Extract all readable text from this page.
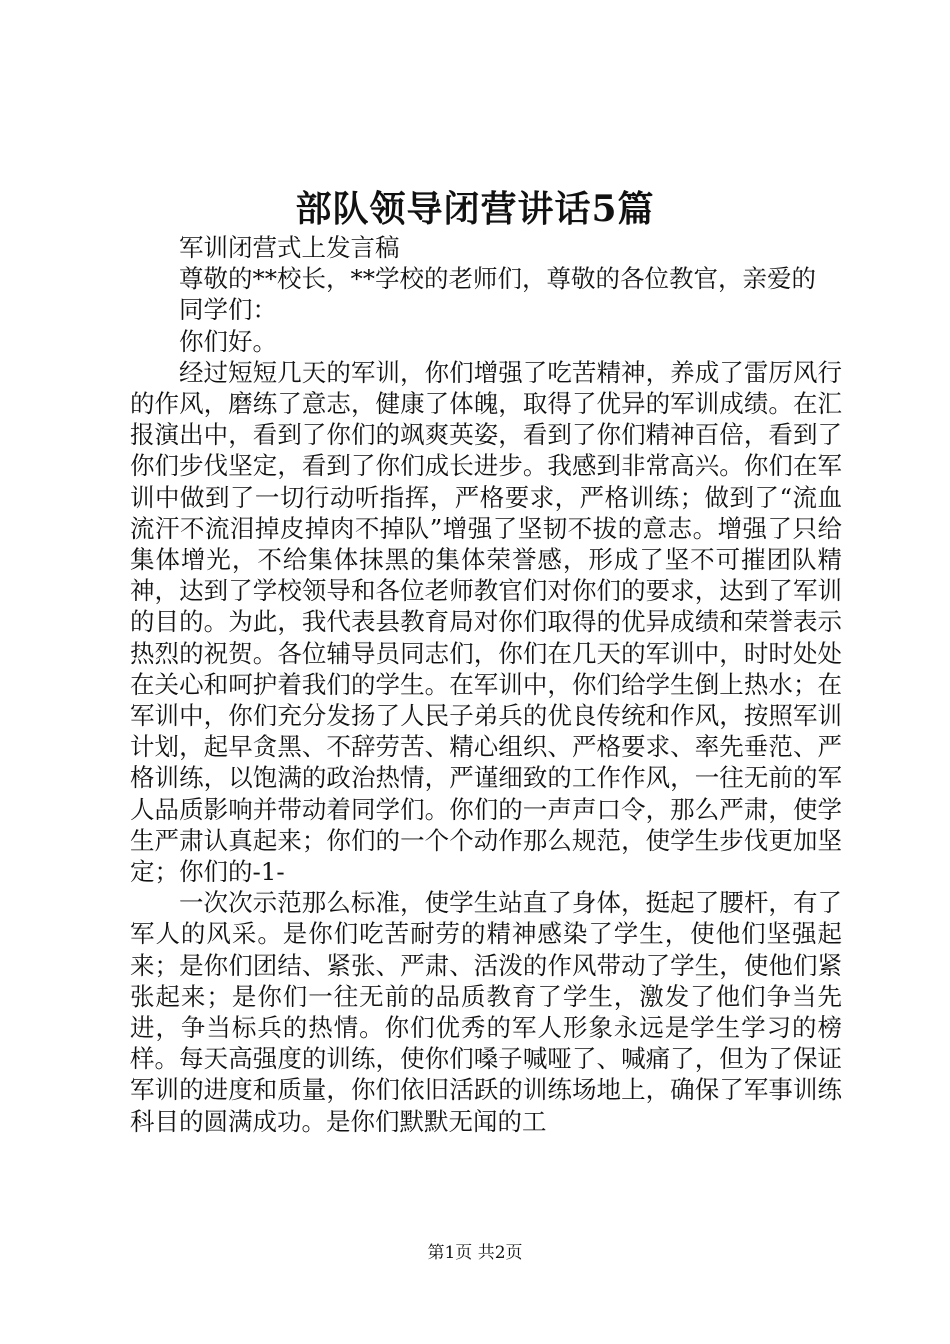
部队领导闭营讲话5篇

军训闭营式上发言稿

尊敬的**校长，**学校的老师们，尊敬的各位教官，亲爱的

同学们：

你们好。

经过短短几天的军训，你们增强了吃苦精神，养成了雷厉风行的作风，磨练了意志，健康了体魄，取得了优异的军训成绩。在汇报演出中，看到了你们的飒爽英姿，看到了你们精神百倍，看到了你们步伐坚定，看到了你们成长进步。我感到非常高兴。你们在军训中做到了一切行动听指挥，严格要求，严格训练；做到了“流血流汗不流泪掉皮掉肉不掉队”增强了坚韧不拔的意志。增强了只给集体增光，不给集体抹黑的集体荣誉感，形成了坚不可摧团队精神，达到了学校领导和各位老师教官们对你们的要求，达到了军训的目的。为此，我代表县教育局对你们取得的优异成绩和荣誉表示热烈的祝贺。各位辅导员同志们，你们在几天的军训中，时时处处在关心和呵护着我们的学生。在军训中，你们给学生倒上热水；在军训中，你们充分发扬了人民子弟兵的优良传统和作风，按照军训计划，起早贪黑、不辞劳苦、精心组织、严格要求、率先垂范、严格训练，以饱满的政治热情，严谨细致的工作作风，一往无前的军人品质影响并带动着同学们。你们的一声声口令，那么严肃，使学生严肃认真起来；你们的一个个动作那么规范，使学生步伐更加坚定；你们的-1-

一次次示范那么标准，使学生站直了身体，挺起了腰杆，有了军人的风采。是你们吃苦耐劳的精神感染了学生，使他们坚强起来；是你们团结、紧张、严肃、活泼的作风带动了学生，使他们紧张起来；是你们一往无前的品质教育了学生，激发了他们争当先进，争当标兵的热情。你们优秀的军人形象永远是学生学习的榜样。每天高强度的训练，使你们嗓子喊哑了、喊痛了，但为了保证军训的进度和质量，你们依旧活跃的训练场地上，确保了军事训练科目的圆满成功。是你们默默无闻的工

第1页 共2页
